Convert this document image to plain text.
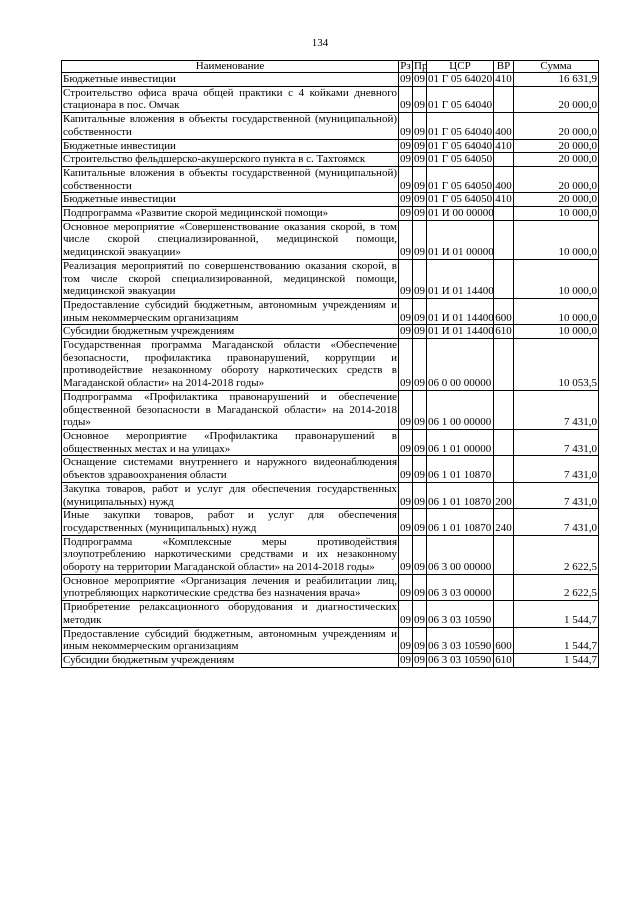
134
Наименование	Рз	Пр	ЦСР	ВР	Сумма
Бюджетные инвестиции	09	09	01 Г 05 64020	410	16 631,9
Строительство офиса врача общей практики с 4 койками дневного стационара в пос. Омчак	09	09	01 Г 05 64040		20 000,0
Капитальные вложения в объекты государственной (муниципальной) собственности	09	09	01 Г 05 64040	400	20 000,0
Бюджетные инвестиции	09	09	01 Г 05 64040	410	20 000,0
Строительство фельдшерско-акушерского пункта в с. Тахтоямск	09	09	01 Г 05 64050		20 000,0
Капитальные вложения в объекты государственной (муниципальной) собственности	09	09	01 Г 05 64050	400	20 000,0
Бюджетные инвестиции	09	09	01 Г 05 64050	410	20 000,0
Подпрограмма «Развитие скорой медицинской помощи»	09	09	01 И 00 00000		10 000,0
Основное мероприятие «Совершенствование оказания скорой, в том числе скорой специализированной, медицинской помощи, медицинской эвакуации»	09	09	01 И 01 00000		10 000,0
Реализация мероприятий по совершенствованию оказания скорой, в том числе скорой специализированной, медицинской помощи, медицинской эвакуации	09	09	01 И 01 14400		10 000,0
Предоставление субсидий бюджетным, автономным учреждениям и иным некоммерческим организациям	09	09	01 И 01 14400	600	10 000,0
Субсидии бюджетным учреждениям	09	09	01 И 01 14400	610	10 000,0
Государственная программа Магаданской области «Обеспечение безопасности, профилактика правонарушений, коррупции и противодействие незаконному обороту наркотических средств в Магаданской области» на 2014-2018 годы»	09	09	06 0 00 00000		10 053,5
Подпрограмма «Профилактика правонарушений и обеспечение общественной безопасности в Магаданской области» на 2014-2018 годы»	09	09	06 1 00 00000		7 431,0
Основное мероприятие «Профилактика правонарушений в общественных местах и на улицах»	09	09	06 1 01 00000		7 431,0
Оснащение системами внутреннего и наружного видеонаблюдения объектов здравоохранения области	09	09	06 1 01 10870		7 431,0
Закупка товаров, работ и услуг для обеспечения государственных (муниципальных) нужд	09	09	06 1 01 10870	200	7 431,0
Иные закупки товаров, работ и услуг для обеспечения государственных (муниципальных) нужд	09	09	06 1 01 10870	240	7 431,0
Подпрограмма «Комплексные меры противодействия злоупотреблению наркотическими средствами и их незаконному обороту на территории Магаданской области» на 2014-2018 годы»	09	09	06 3 00 00000		2 622,5
Основное мероприятие «Организация лечения и реабилитации лиц, употребляющих наркотические средства без назначения врача»	09	09	06 3 03 00000		2 622,5
Приобретение релаксационного оборудования и диагностических методик	09	09	06 3 03 10590		1 544,7
Предоставление субсидий бюджетным, автономным учреждениям и иным некоммерческим организациям	09	09	06 3 03 10590	600	1 544,7
Субсидии бюджетным учреждениям	09	09	06 3 03 10590	610	1 544,7
